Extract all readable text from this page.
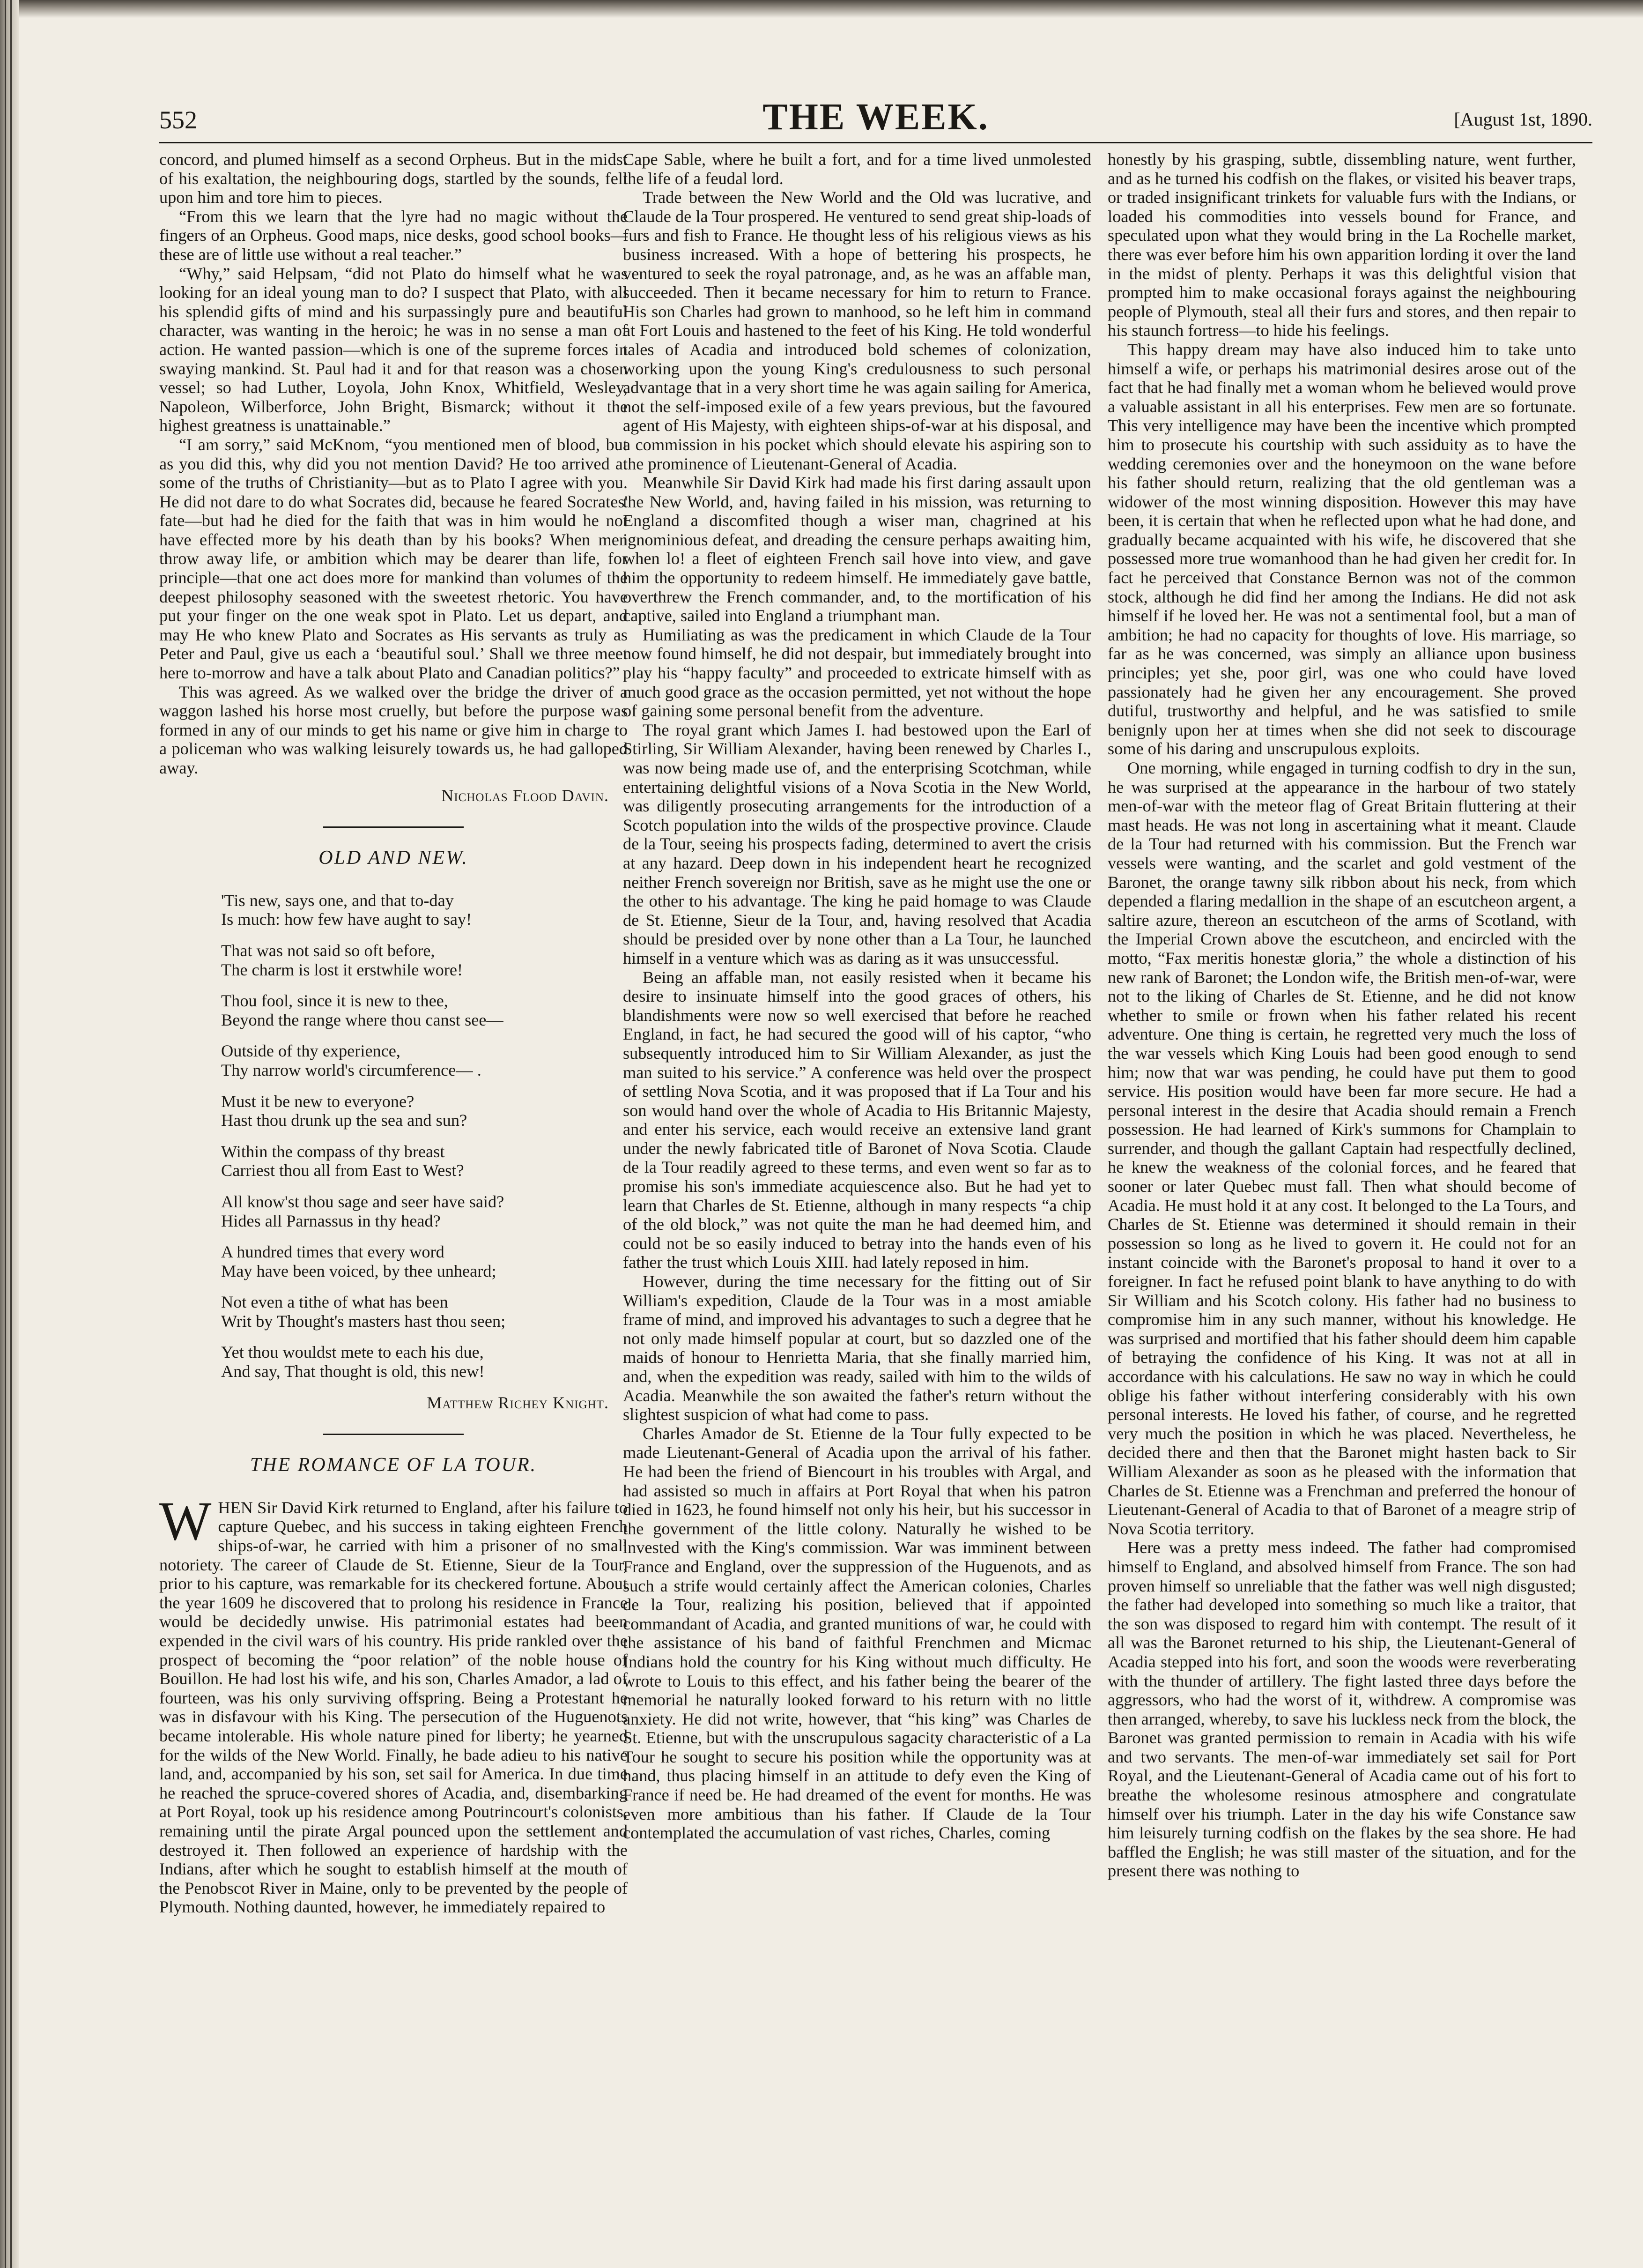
THE WEEK.
552	[August 1st, 1890.

concord, and plumed himself as a second Orpheus. But in the midst of his exaltation, the neighbouring dogs, startled by the sounds, fell upon him and tore him to pieces.

“From this we learn that the lyre had no magic without the fingers of an Orpheus. Good maps, nice desks, good school books—these are of little use without a real teacher.”

“Why,” said Helpsam, “did not Plato do himself what he was looking for an ideal young man to do? I suspect that Plato, with all his splendid gifts of mind and his surpassingly pure and beautiful character, was wanting in the heroic; he was in no sense a man of action. He wanted passion—which is one of the supreme forces in swaying mankind. St. Paul had it and for that reason was a chosen vessel; so had Luther, Loyola, John Knox, Whitfield, Wesley, Napoleon, Wilberforce, John Bright, Bismarck; without it the highest greatness is unattainable.”

“I am sorry,” said McKnom, “you mentioned men of blood, but as you did this, why did you not mention David? He too arrived at some of the truths of Christianity—but as to Plato I agree with you. He did not dare to do what Socrates did, because he feared Socrates' fate—but had he died for the faith that was in him would he not have effected more by his death than by his books? When men throw away life, or ambition which may be dearer than life, for principle—that one act does more for mankind than volumes of the deepest philosophy seasoned with the sweetest rhetoric. You have put your finger on the one weak spot in Plato. Let us depart, and may He who knew Plato and Socrates as His servants as truly as Peter and Paul, give us each a ‘beautiful soul.’ Shall we three meet here to-morrow and have a talk about Plato and Canadian politics?”

This was agreed. As we walked over the bridge the driver of a waggon lashed his horse most cruelly, but before the purpose was formed in any of our minds to get his name or give him in charge to a policeman who was walking leisurely towards us, he had galloped away.

Nicholas Flood Davin.
OLD AND NEW.
'Tis new, says one, and that to-day
Is much: how few have aught to say!
That was not said so oft before,
The charm is lost it erstwhile wore!
Thou fool, since it is new to thee,
Beyond the range where thou canst see—
Outside of thy experience,
Thy narrow world's circumference— .
Must it be new to everyone?
Hast thou drunk up the sea and sun?
Within the compass of thy breast
Carriest thou all from East to West?
All know'st thou sage and seer have said?
Hides all Parnassus in thy head?
A hundred times that every word
May have been voiced, by thee unheard;
Not even a tithe of what has been
Writ by Thought's masters hast thou seen;
Yet thou wouldst mete to each his due,
And say, That thought is old, this new!
Matthew Richey Knight.
THE ROMANCE OF LA TOUR.

WHEN Sir David Kirk returned to England, after his failure to capture Quebec, and his success in taking eighteen French ships-of-war, he carried with him a prisoner of no small notoriety. The career of Claude de St. Etienne, Sieur de la Tour, prior to his capture, was remarkable for its checkered fortune. About the year 1609 he discovered that to prolong his residence in France would be decidedly unwise. His patrimonial estates had been expended in the civil wars of his country. His pride rankled over the prospect of becoming the “poor relation” of the noble house of Bouillon. He had lost his wife, and his son, Charles Amador, a lad of fourteen, was his only surviving offspring. Being a Protestant he was in disfavour with his King. The persecution of the Huguenots became intolerable. His whole nature pined for liberty; he yearned for the wilds of the New World. Finally, he bade adieu to his native land, and, accompanied by his son, set sail for America. In due time he reached the spruce-covered shores of Acadia, and, disembarking at Port Royal, took up his residence among Poutrincourt's colonists, remaining until the pirate Argal pounced upon the settlement and destroyed it. Then followed an experience of hardship with the Indians, after which he sought to establish himself at the mouth of the Penobscot River in Maine, only to be prevented by the people of Plymouth. Nothing daunted, however, he immediately repaired to

Cape Sable, where he built a fort, and for a time lived unmolested the life of a feudal lord.

Trade between the New World and the Old was lucrative, and Claude de la Tour prospered. He ventured to send great ship-loads of furs and fish to France. He thought less of his religious views as his business increased. With a hope of bettering his prospects, he ventured to seek the royal patronage, and, as he was an affable man, succeeded. Then it became necessary for him to return to France. His son Charles had grown to manhood, so he left him in command at Fort Louis and hastened to the feet of his King. He told wonderful tales of Acadia and introduced bold schemes of colonization, working upon the young King's credulousness to such personal advantage that in a very short time he was again sailing for America, not the self-imposed exile of a few years previous, but the favoured agent of His Majesty, with eighteen ships-of-war at his disposal, and a commission in his pocket which should elevate his aspiring son to the prominence of Lieutenant-General of Acadia.

Meanwhile Sir David Kirk had made his first daring assault upon the New World, and, having failed in his mission, was returning to England a discomfited though a wiser man, chagrined at his ignominious defeat, and dreading the censure perhaps awaiting him, when lo! a fleet of eighteen French sail hove into view, and gave him the opportunity to redeem himself. He immediately gave battle, overthrew the French commander, and, to the mortification of his captive, sailed into England a triumphant man.

Humiliating as was the predicament in which Claude de la Tour now found himself, he did not despair, but immediately brought into play his “happy faculty” and proceeded to extricate himself with as much good grace as the occasion permitted, yet not without the hope of gaining some personal benefit from the adventure.

The royal grant which James I. had bestowed upon the Earl of Stirling, Sir William Alexander, having been renewed by Charles I., was now being made use of, and the enterprising Scotchman, while entertaining delightful visions of a Nova Scotia in the New World, was diligently prosecuting arrangements for the introduction of a Scotch population into the wilds of the prospective province. Claude de la Tour, seeing his prospects fading, determined to avert the crisis at any hazard. Deep down in his independent heart he recognized neither French sovereign nor British, save as he might use the one or the other to his advantage. The king he paid homage to was Claude de St. Etienne, Sieur de la Tour, and, having resolved that Acadia should be presided over by none other than a La Tour, he launched himself in a venture which was as daring as it was unsuccessful.

Being an affable man, not easily resisted when it became his desire to insinuate himself into the good graces of others, his blandishments were now so well exercised that before he reached England, in fact, he had secured the good will of his captor, “who subsequently introduced him to Sir William Alexander, as just the man suited to his service.” A conference was held over the prospect of settling Nova Scotia, and it was proposed that if La Tour and his son would hand over the whole of Acadia to His Britannic Majesty, and enter his service, each would receive an extensive land grant under the newly fabricated title of Baronet of Nova Scotia. Claude de la Tour readily agreed to these terms, and even went so far as to promise his son's immediate acquiescence also. But he had yet to learn that Charles de St. Etienne, although in many respects “a chip of the old block,” was not quite the man he had deemed him, and could not be so easily induced to betray into the hands even of his father the trust which Louis XIII. had lately reposed in him.

However, during the time necessary for the fitting out of Sir William's expedition, Claude de la Tour was in a most amiable frame of mind, and improved his advantages to such a degree that he not only made himself popular at court, but so dazzled one of the maids of honour to Henrietta Maria, that she finally married him, and, when the expedition was ready, sailed with him to the wilds of Acadia. Meanwhile the son awaited the father's return without the slightest suspicion of what had come to pass.

Charles Amador de St. Etienne de la Tour fully expected to be made Lieutenant-General of Acadia upon the arrival of his father. He had been the friend of Biencourt in his troubles with Argal, and had assisted so much in affairs at Port Royal that when his patron died in 1623, he found himself not only his heir, but his successor in the government of the little colony. Naturally he wished to be invested with the King's commission. War was imminent between France and England, over the suppression of the Huguenots, and as such a strife would certainly affect the American colonies, Charles de la Tour, realizing his position, believed that if appointed commandant of Acadia, and granted munitions of war, he could with the assistance of his band of faithful Frenchmen and Micmac Indians hold the country for his King without much difficulty. He wrote to Louis to this effect, and his father being the bearer of the memorial he naturally looked forward to his return with no little anxiety. He did not write, however, that “his king” was Charles de St. Etienne, but with the unscrupulous sagacity characteristic of a La Tour he sought to secure his position while the opportunity was at hand, thus placing himself in an attitude to defy even the King of France if need be. He had dreamed of the event for months. He was even more ambitious than his father. If Claude de la Tour contemplated the accumulation of vast riches, Charles, coming

honestly by his grasping, subtle, dissembling nature, went further, and as he turned his codfish on the flakes, or visited his beaver traps, or traded insignificant trinkets for valuable furs with the Indians, or loaded his commodities into vessels bound for France, and speculated upon what they would bring in the La Rochelle market, there was ever before him his own apparition lording it over the land in the midst of plenty. Perhaps it was this delightful vision that prompted him to make occasional forays against the neighbouring people of Plymouth, steal all their furs and stores, and then repair to his staunch fortress—to hide his feelings.

This happy dream may have also induced him to take unto himself a wife, or perhaps his matrimonial desires arose out of the fact that he had finally met a woman whom he believed would prove a valuable assistant in all his enterprises. Few men are so fortunate. This very intelligence may have been the incentive which prompted him to prosecute his courtship with such assiduity as to have the wedding ceremonies over and the honeymoon on the wane before his father should return, realizing that the old gentleman was a widower of the most winning disposition. However this may have been, it is certain that when he reflected upon what he had done, and gradually became acquainted with his wife, he discovered that she possessed more true womanhood than he had given her credit for. In fact he perceived that Constance Bernon was not of the common stock, although he did find her among the Indians. He did not ask himself if he loved her. He was not a sentimental fool, but a man of ambition; he had no capacity for thoughts of love. His marriage, so far as he was concerned, was simply an alliance upon business principles; yet she, poor girl, was one who could have loved passionately had he given her any encouragement. She proved dutiful, trustworthy and helpful, and he was satisfied to smile benignly upon her at times when she did not seek to discourage some of his daring and unscrupulous exploits.

One morning, while engaged in turning codfish to dry in the sun, he was surprised at the appearance in the harbour of two stately men-of-war with the meteor flag of Great Britain fluttering at their mast heads. He was not long in ascertaining what it meant. Claude de la Tour had returned with his commission. But the French war vessels were wanting, and the scarlet and gold vestment of the Baronet, the orange tawny silk ribbon about his neck, from which depended a flaring medallion in the shape of an escutcheon argent, a saltire azure, thereon an escutcheon of the arms of Scotland, with the Imperial Crown above the escutcheon, and encircled with the motto, “Fax meritis honestæ gloria,” the whole a distinction of his new rank of Baronet; the London wife, the British men-of-war, were not to the liking of Charles de St. Etienne, and he did not know whether to smile or frown when his father related his recent adventure. One thing is certain, he regretted very much the loss of the war vessels which King Louis had been good enough to send him; now that war was pending, he could have put them to good service. His position would have been far more secure. He had a personal interest in the desire that Acadia should remain a French possession. He had learned of Kirk's summons for Champlain to surrender, and though the gallant Captain had respectfully declined, he knew the weakness of the colonial forces, and he feared that sooner or later Quebec must fall. Then what should become of Acadia. He must hold it at any cost. It belonged to the La Tours, and Charles de St. Etienne was determined it should remain in their possession so long as he lived to govern it. He could not for an instant coincide with the Baronet's proposal to hand it over to a foreigner. In fact he refused point blank to have anything to do with Sir William and his Scotch colony. His father had no business to compromise him in any such manner, without his knowledge. He was surprised and mortified that his father should deem him capable of betraying the confidence of his King. It was not at all in accordance with his calculations. He saw no way in which he could oblige his father without interfering considerably with his own personal interests. He loved his father, of course, and he regretted very much the position in which he was placed. Nevertheless, he decided there and then that the Baronet might hasten back to Sir William Alexander as soon as he pleased with the information that Charles de St. Etienne was a Frenchman and preferred the honour of Lieutenant-General of Acadia to that of Baronet of a meagre strip of Nova Scotia territory.

Here was a pretty mess indeed. The father had compromised himself to England, and absolved himself from France. The son had proven himself so unreliable that the father was well nigh disgusted; the father had developed into something so much like a traitor, that the son was disposed to regard him with contempt. The result of it all was the Baronet returned to his ship, the Lieutenant-General of Acadia stepped into his fort, and soon the woods were reverberating with the thunder of artillery. The fight lasted three days before the aggressors, who had the worst of it, withdrew. A compromise was then arranged, whereby, to save his luckless neck from the block, the Baronet was granted permission to remain in Acadia with his wife and two servants. The men-of-war immediately set sail for Port Royal, and the Lieutenant-General of Acadia came out of his fort to breathe the wholesome resinous atmosphere and congratulate himself over his triumph. Later in the day his wife Constance saw him leisurely turning codfish on the flakes by the sea shore. He had baffled the English; he was still master of the situation, and for the present there was nothing to
